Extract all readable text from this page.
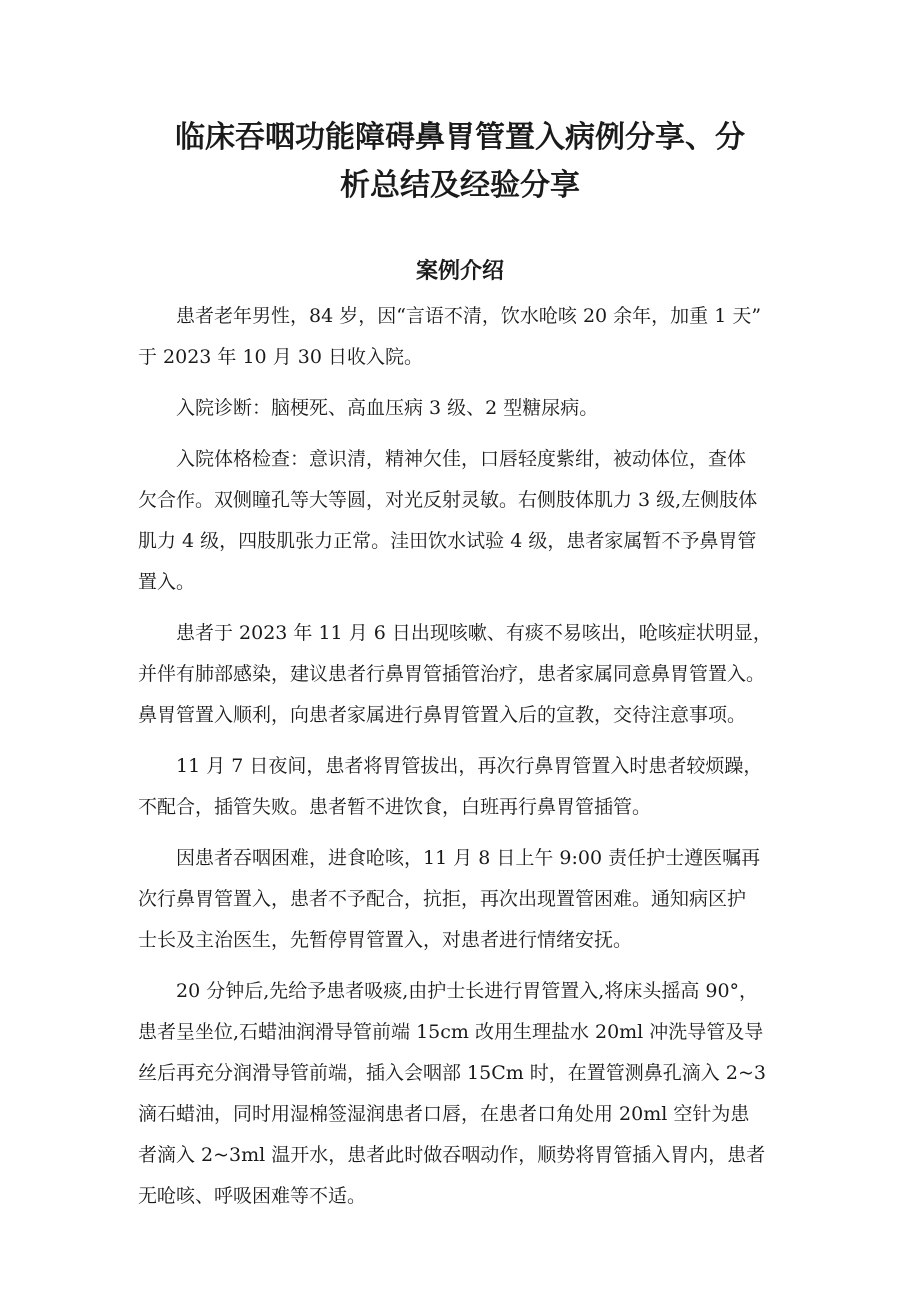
临床吞咽功能障碍鼻胃管置入病例分享、分
析总结及经验分享
案例介绍
患者老年男性，84 岁，因“言语不清，饮水呛咳 20 余年，加重 1 天”
于 2023 年 10 月 30 日收入院。
入院诊断：脑梗死、高血压病 3 级、2 型糖尿病。
入院体格检查：意识清，精神欠佳，口唇轻度紫绀，被动体位，查体
欠合作。双侧瞳孔等大等圆，对光反射灵敏。右侧肢体肌力 3 级,左侧肢体
肌力 4 级，四肢肌张力正常。洼田饮水试验 4 级，患者家属暂不予鼻胃管
置入。
患者于 2023 年 11 月 6 日出现咳嗽、有痰不易咳出，呛咳症状明显，
并伴有肺部感染，建议患者行鼻胃管插管治疗，患者家属同意鼻胃管置入。
鼻胃管置入顺利，向患者家属进行鼻胃管置入后的宣教，交待注意事项。
11 月 7 日夜间，患者将胃管拔出，再次行鼻胃管置入时患者较烦躁，
不配合，插管失败。患者暂不进饮食，白班再行鼻胃管插管。
因患者吞咽困难，进食呛咳，11 月 8 日上午 9:00 责任护士遵医嘱再
次行鼻胃管置入，患者不予配合，抗拒，再次出现置管困难。通知病区护
士长及主治医生，先暂停胃管置入，对患者进行情绪安抚。
20 分钟后,先给予患者吸痰,由护士长进行胃管置入,将床头摇高 90°，
患者呈坐位,石蜡油润滑导管前端 15cm 改用生理盐水 20ml 冲洗导管及导
丝后再充分润滑导管前端，插入会咽部 15Cm 时，在置管测鼻孔滴入 2~3
滴石蜡油，同时用湿棉签湿润患者口唇，在患者口角处用 20ml 空针为患
者滴入 2~3ml 温开水，患者此时做吞咽动作，顺势将胃管插入胃内，患者
无呛咳、呼吸困难等不适。
